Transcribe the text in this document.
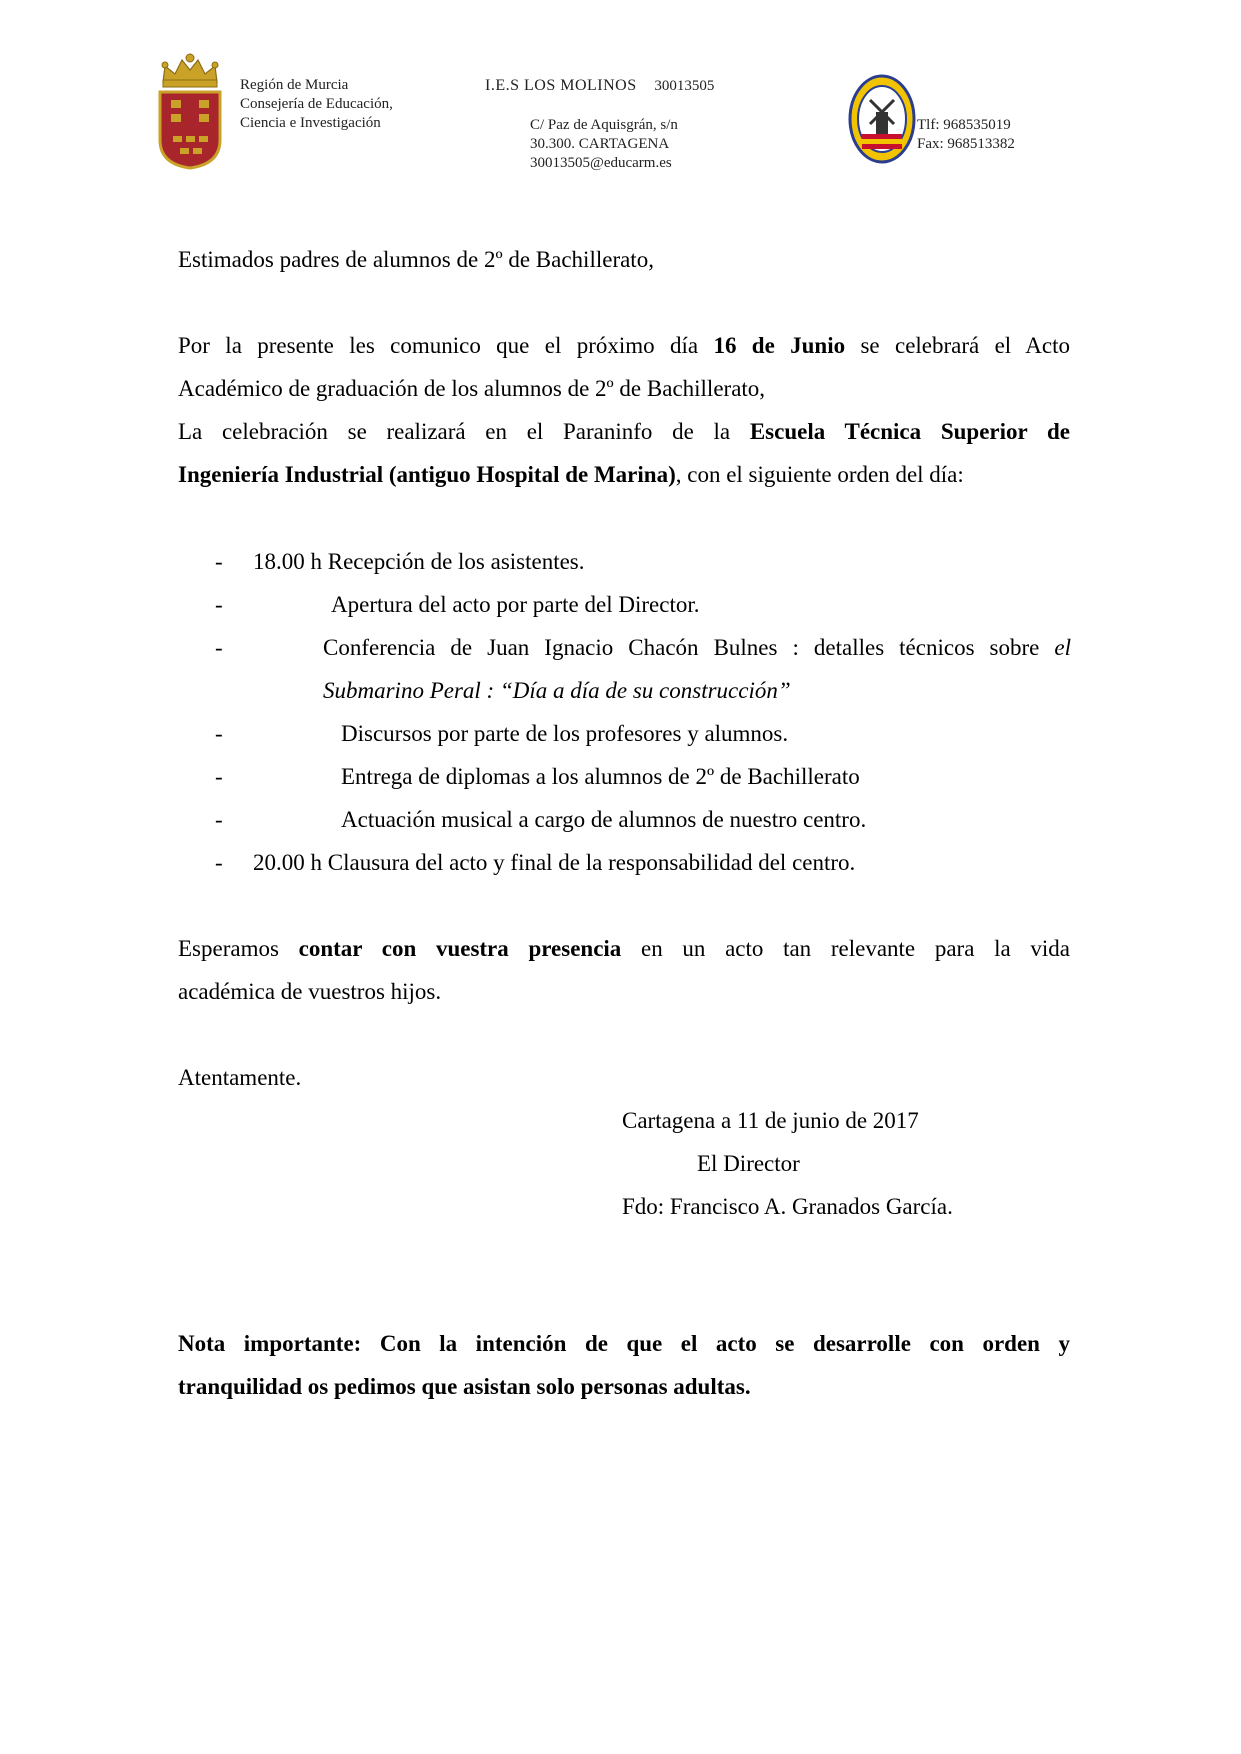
Región de Murcia
Consejería de Educación,
Ciencia e Investigación
I.E.S LOS MOLINOS 30013505
C/ Paz de Aquisgrán, s/n
30.300. CARTAGENA
30013505@educarm.es
Tlf: 968535019
Fax: 968513382

Estimados padres de alumnos de 2º de Bachillerato,

Por la presente les comunico que el próximo día 16 de Junio se celebrará el Acto
Académico de graduación de los alumnos de 2º de Bachillerato,
La celebración se realizará en el Paraninfo de la Escuela Técnica Superior de
Ingeniería Industrial (antiguo Hospital de Marina), con el siguiente orden del día:
- 18.00 h Recepción de los asistentes.
-	Apertura del acto por parte del Director.
-	Conferencia de Juan Ignacio Chacón Bulnes : detalles técnicos sobre el
Submarino Peral : “Día a día de su construcción”
-	Discursos por parte de los profesores y alumnos.
-	Entrega de diplomas a los alumnos de 2º de Bachillerato
-	Actuación musical a cargo de alumnos de nuestro centro.
- 20.00 h Clausura del acto y final de la responsabilidad del centro.
Esperamos contar con vuestra presencia en un acto tan relevante para la vida
académica de vuestros hijos.

Atentamente.

Cartagena a 11 de junio de 2017
El Director
Fdo: Francisco A. Granados García.
Nota importante: Con la intención de que el acto se desarrolle con orden y
tranquilidad os pedimos que asistan solo personas adultas.
